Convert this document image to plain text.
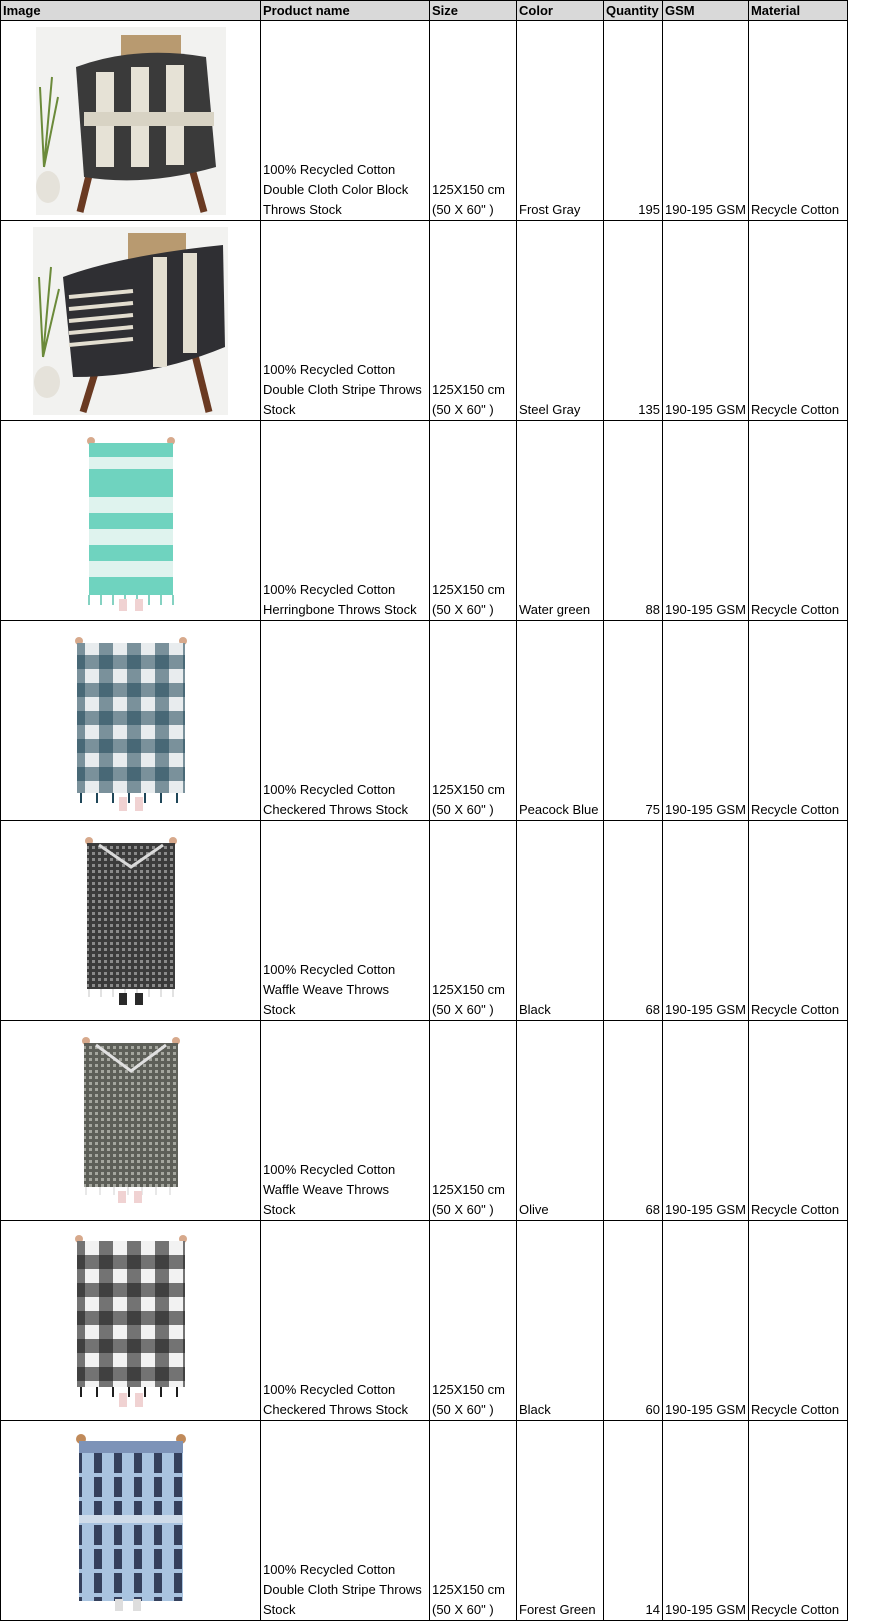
Image	Product name	Size	Color	Quantity	GSM	Material

	100% Recycled Cotton
Double Cloth Color Block
Throws Stock	125X150 cm
(50 X 60" )	Frost Gray	195	190-195 GSM	Recycle Cotton

	100% Recycled Cotton
Double Cloth Stripe Throws
Stock	125X150 cm
(50 X 60" )	Steel Gray	135	190-195 GSM	Recycle Cotton

	100% Recycled Cotton
Herringbone Throws Stock	125X150 cm
(50 X 60" )	Water green	88	190-195 GSM	Recycle Cotton

	100% Recycled Cotton
Checkered Throws Stock	125X150 cm
(50 X 60" )	Peacock Blue	75	190-195 GSM	Recycle Cotton

	100% Recycled Cotton
Waffle Weave Throws
Stock	125X150 cm
(50 X 60" )	Black	68	190-195 GSM	Recycle Cotton

	100% Recycled Cotton
Waffle Weave Throws
Stock	125X150 cm
(50 X 60" )	Olive	68	190-195 GSM	Recycle Cotton

	100% Recycled Cotton
Checkered Throws Stock	125X150 cm
(50 X 60" )	Black	60	190-195 GSM	Recycle Cotton

	100% Recycled Cotton
Double Cloth Stripe Throws
Stock	125X150 cm
(50 X 60" )	Forest Green	14	190-195 GSM	Recycle Cotton
